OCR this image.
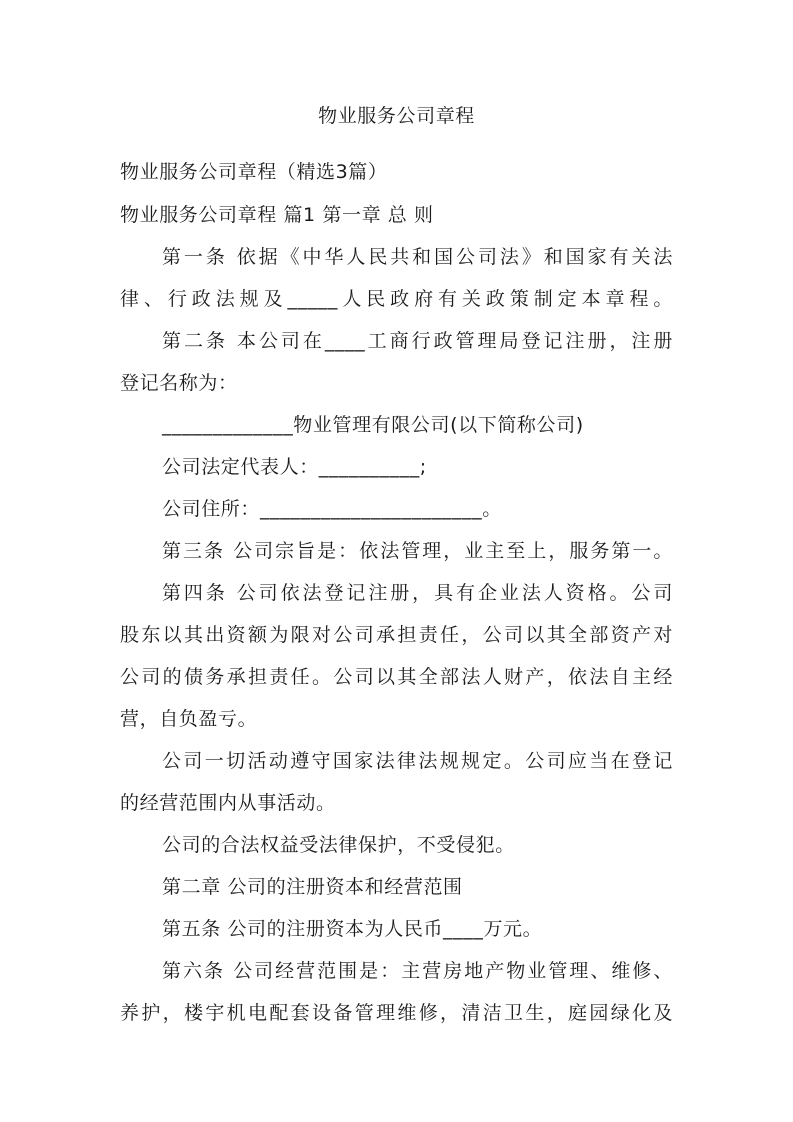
物业服务公司章程
物业服务公司章程（精选3篇）
物业服务公司章程 篇1 第一章 总 则
第一条 依据《中华人民共和国公司法》和国家有关法
律、行政法规及_____人民政府有关政策制定本章程。
第二条 本公司在____工商行政管理局登记注册，注册
登记名称为：
_____________物业管理有限公司(以下简称公司)
公司法定代表人：__________;
公司住所：______________________。
第三条 公司宗旨是：依法管理，业主至上，服务第一。
第四条 公司依法登记注册，具有企业法人资格。公司
股东以其出资额为限对公司承担责任，公司以其全部资产对
公司的债务承担责任。公司以其全部法人财产，依法自主经
营，自负盈亏。
公司一切活动遵守国家法律法规规定。公司应当在登记
的经营范围内从事活动。
公司的合法权益受法律保护，不受侵犯。
第二章 公司的注册资本和经营范围
第五条 公司的注册资本为人民币____万元。
第六条 公司经营范围是：主营房地产物业管理、维修、
养护，楼宇机电配套设备管理维修，清洁卫生，庭园绿化及
